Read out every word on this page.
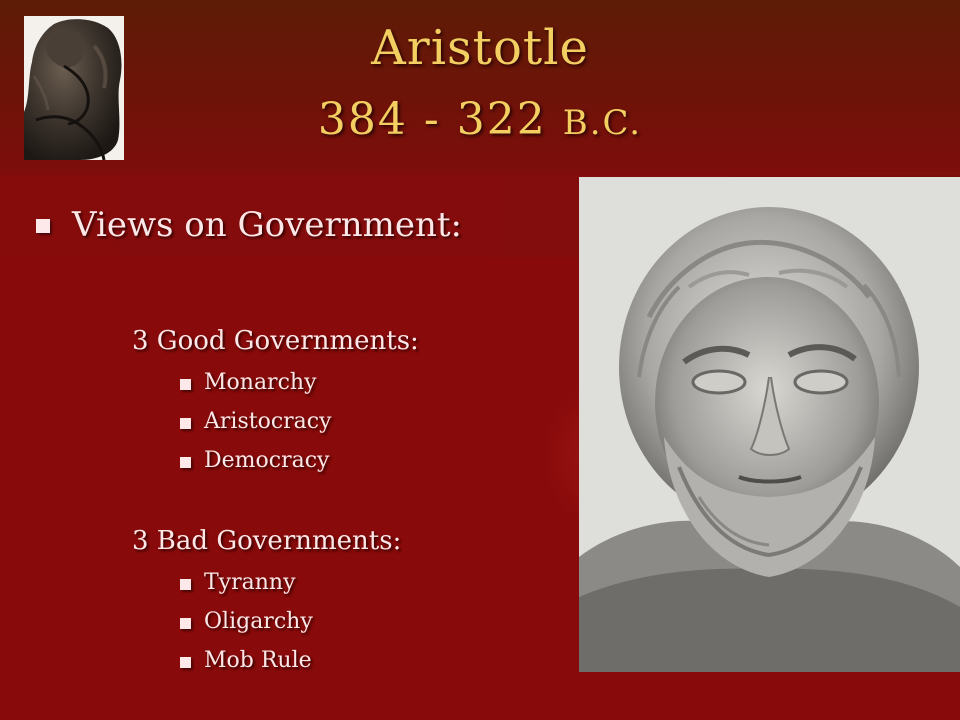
Aristotle
384 - 322 B.C.
Views on Government:
3 Good Governments:
Monarchy
Aristocracy
Democracy
3 Bad Governments:
Tyranny
Oligarchy
Mob Rule
